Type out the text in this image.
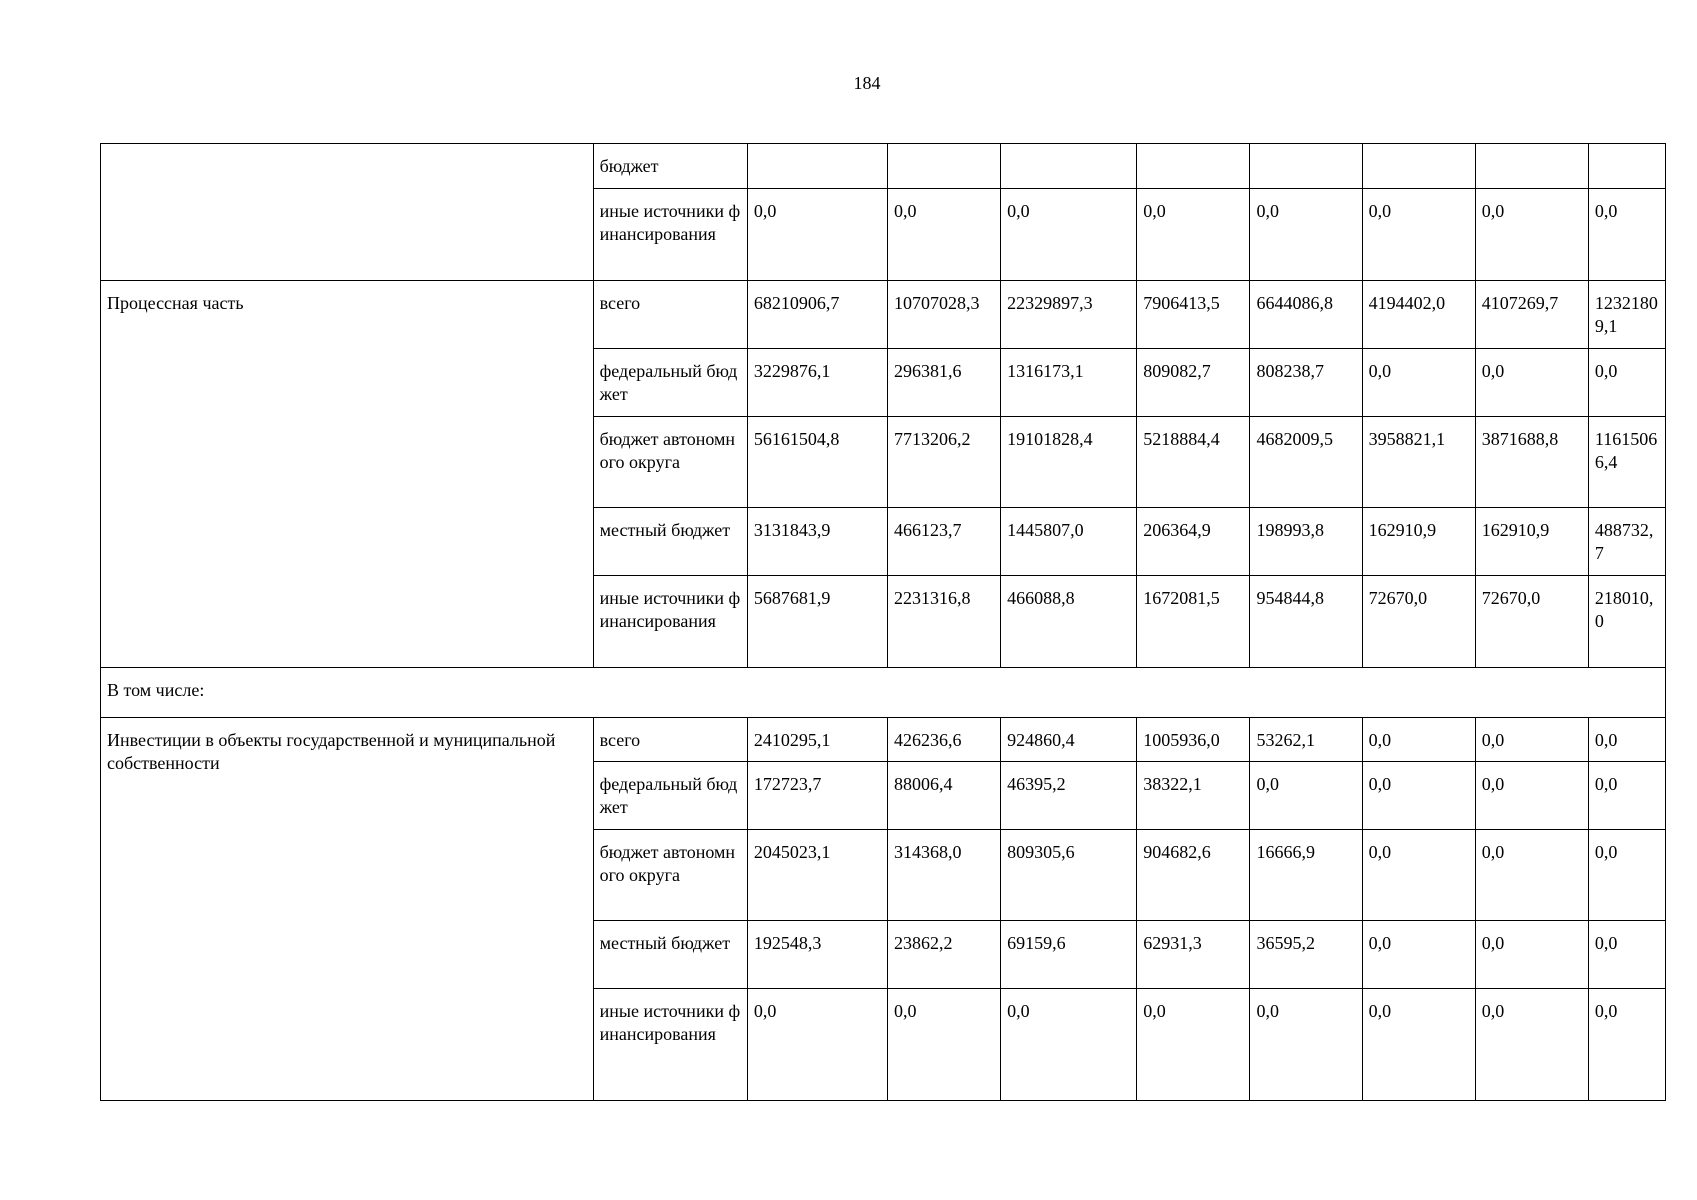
184
	бюджет								
	иные источники финансирования	0,0	0,0	0,0	0,0	0,0	0,0	0,0	0,0
Процессная часть	всего	68210906,7	10707028,3	22329897,3	7906413,5	6644086,8	4194402,0	4107269,7	12321809,1
	федеральный бюджет	3229876,1	296381,6	1316173,1	809082,7	808238,7	0,0	0,0	0,0
	бюджет автономного округа	56161504,8	7713206,2	19101828,4	5218884,4	4682009,5	3958821,1	3871688,8	11615066,4
	местный бюджет	3131843,9	466123,7	1445807,0	206364,9	198993,8	162910,9	162910,9	488732,7
	иные источники финансирования	5687681,9	2231316,8	466088,8	1672081,5	954844,8	72670,0	72670,0	218010,0
В том числе:									
Инвестиции в объекты государственной и муниципальной собственности	всего	2410295,1	426236,6	924860,4	1005936,0	53262,1	0,0	0,0	0,0
	федеральный бюджет	172723,7	88006,4	46395,2	38322,1	0,0	0,0	0,0	0,0
	бюджет автономного округа	2045023,1	314368,0	809305,6	904682,6	16666,9	0,0	0,0	0,0
	местный бюджет	192548,3	23862,2	69159,6	62931,3	36595,2	0,0	0,0	0,0
	иные источники финансирования	0,0	0,0	0,0	0,0	0,0	0,0	0,0	0,0
